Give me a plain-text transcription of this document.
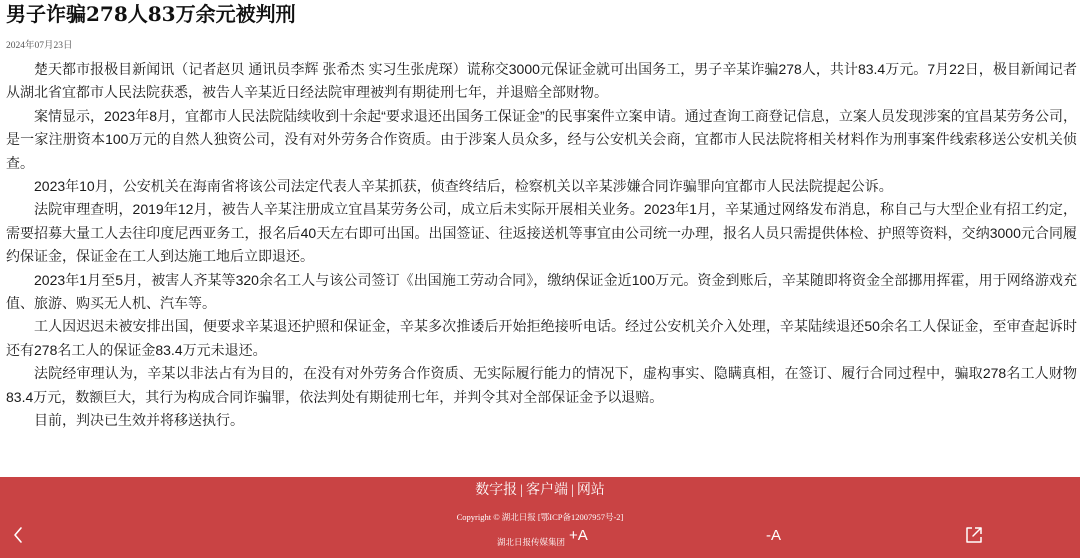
男子诈骗278人83万余元被判刑
2024年07月23日

楚天都市报极目新闻讯（记者赵贝 通讯员李辉 张希杰 实习生张虎琛）谎称交3000元保证金就可出国务工，男子辛某诈骗278人，共计83.4万元。7月22日，极目新闻记者从湖北省宜都市人民法院获悉，被告人辛某近日经法院审理被判有期徒刑七年，并退赔全部财物。

案情显示，2023年8月，宜都市人民法院陆续收到十余起“要求退还出国务工保证金”的民事案件立案申请。通过查询工商登记信息，立案人员发现涉案的宜昌某劳务公司，是一家注册资本100万元的自然人独资公司，没有对外劳务合作资质。由于涉案人员众多，经与公安机关会商，宜都市人民法院将相关材料作为刑事案件线索移送公安机关侦查。

2023年10月，公安机关在海南省将该公司法定代表人辛某抓获，侦查终结后，检察机关以辛某涉嫌合同诈骗罪向宜都市人民法院提起公诉。

法院审理查明，2019年12月，被告人辛某注册成立宜昌某劳务公司，成立后未实际开展相关业务。2023年1月，辛某通过网络发布消息，称自己与大型企业有招工约定，需要招募大量工人去往印度尼西亚务工，报名后40天左右即可出国。出国签证、往返接送机等事宜由公司统一办理，报名人员只需提供体检、护照等资料，交纳3000元合同履约保证金，保证金在工人到达施工地后立即退还。

2023年1月至5月，被害人齐某等320余名工人与该公司签订《出国施工劳动合同》，缴纳保证金近100万元。资金到账后，辛某随即将资金全部挪用挥霍，用于网络游戏充值、旅游、购买无人机、汽车等。

工人因迟迟未被安排出国，便要求辛某退还护照和保证金，辛某多次推诿后开始拒绝接听电话。经过公安机关介入处理，辛某陆续退还50余名工人保证金，至审查起诉时还有278名工人的保证金83.4万元未退还。

法院经审理认为，辛某以非法占有为目的，在没有对外劳务合作资质、无实际履行能力的情况下，虚构事实、隐瞒真相，在签订、履行合同过程中，骗取278名工人财物83.4万元，数额巨大，其行为构成合同诈骗罪，依法判处有期徒刑七年，并判令其对全部保证金予以退赔。

目前，判决已生效并将移送执行。

数字报 | 客户端 | 网站
Copyright © 湖北日报 [鄂ICP备12007957号-2]
湖北日报传媒集团 +A	-A
